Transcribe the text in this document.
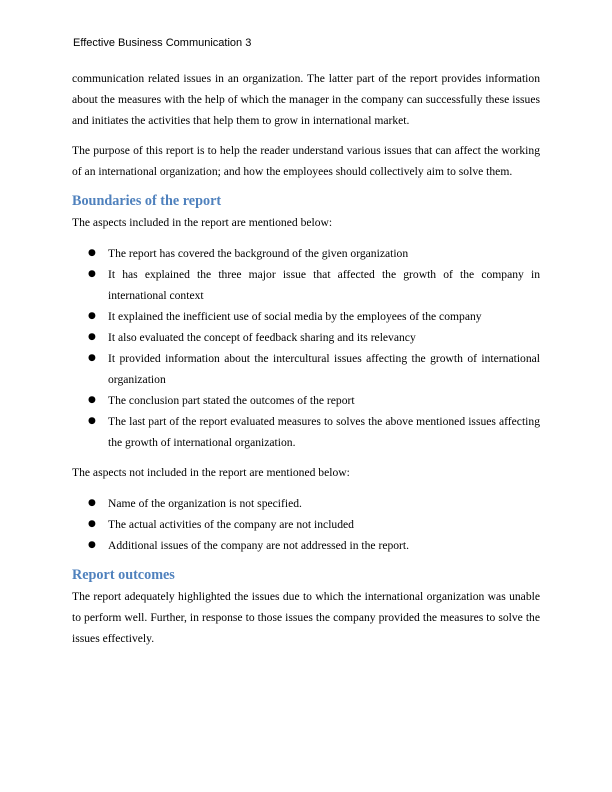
Effective Business Communication 3

communication related issues in an organization. The latter part of the report provides information about the measures with the help of which the manager in the company can successfully these issues and initiates the activities that help them to grow in international market.

The purpose of this report is to help the reader understand various issues that can affect the working of an international organization; and how the employees should collectively aim to solve them.

Boundaries of the report

The aspects included in the report are mentioned below:

● The report has covered the background of the given organization
● It has explained the three major issue that affected the growth of the company in international context
● It explained the inefficient use of social media by the employees of the company
● It also evaluated the concept of feedback sharing and its relevancy
● It provided information about the intercultural issues affecting the growth of international organization
● The conclusion part stated the outcomes of the report
● The last part of the report evaluated measures to solves the above mentioned issues affecting the growth of international organization.

The aspects not included in the report are mentioned below:

● Name of the organization is not specified.
● The actual activities of the company are not included
● Additional issues of the company are not addressed in the report.
Report outcomes

The report adequately highlighted the issues due to which the international organization was unable to perform well. Further, in response to those issues the company provided the measures to solve the issues effectively.
